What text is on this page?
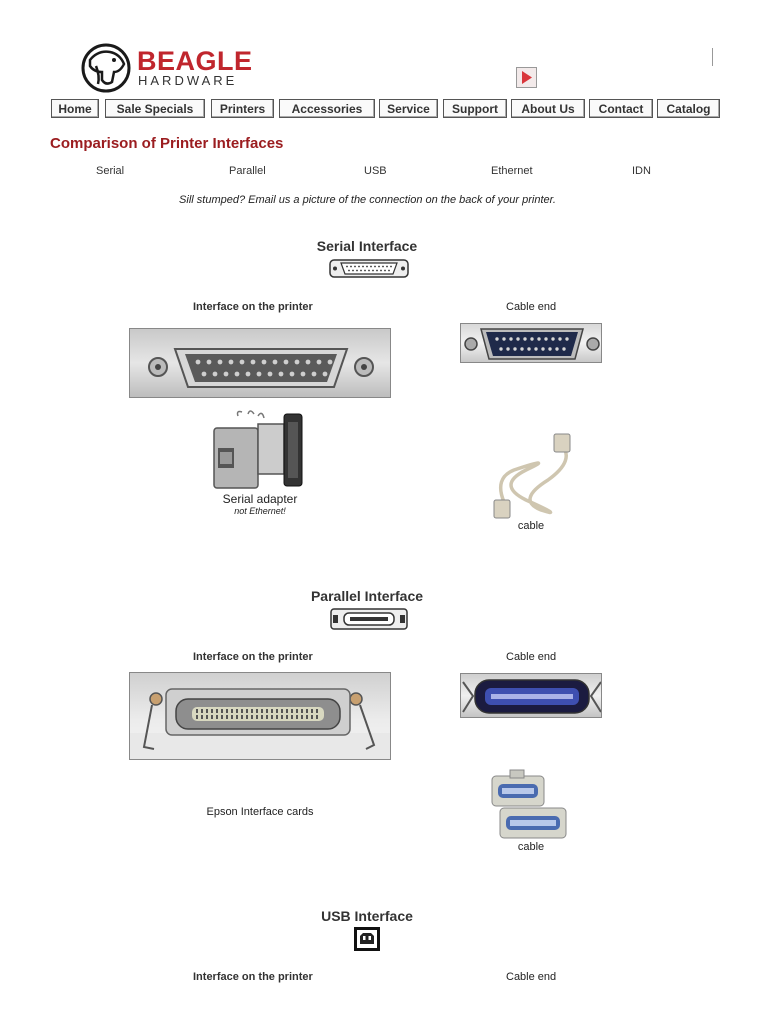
BEAGLE
HARDWARE
Home	Sale Specials	Printers	Accessories	Service	Support	About Us	Contact	Catalog
Comparison of Printer Interfaces
Serial	Parallel	USB	Ethernet	IDN
Sill stumped? Email us a picture of the connection on the back of your printer.
Serial Interface
Interface on the printer	Cable end
Serial adapter
not Ethernet!
cable
Parallel Interface
Interface on the printer	Cable end
Epson Interface cards
cable
USB Interface
Interface on the printer	Cable end
